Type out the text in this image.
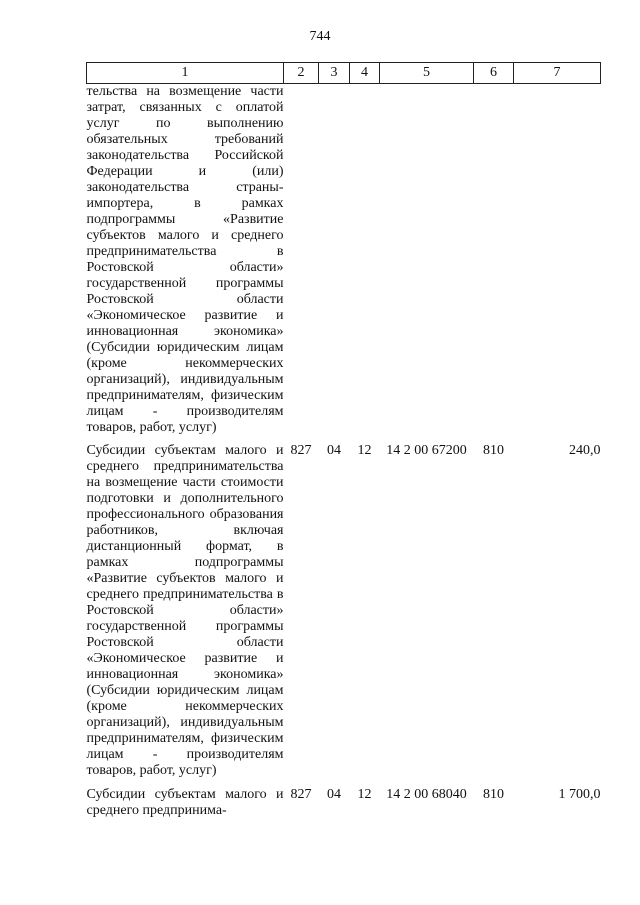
744
1	2	3	4	5	6	7
тельства на возмещение части затрат, связанных с оплатой услуг по выполнению обязательных требований законодательства Российской Федерации и (или) законодательства страны-импортера, в рамках подпрограммы «Развитие субъектов малого и среднего предпринимательства в Ростовской области» государственной программы Ростовской области «Экономическое развитие и инновационная экономика» (Субсидии юридическим лицам (кроме некоммерческих организаций), индивидуальным предпринимателям, физическим лицам - производителям товаров, работ, услуг)						
Субсидии субъектам малого и среднего предпринимательства на возмещение части стоимости подготовки и дополнительного профессионального образования работников, включая дистанционный формат, в рамках подпрограммы «Развитие субъектов малого и среднего предпринимательства в Ростовской области» государственной программы Ростовской области «Экономическое развитие и инновационная экономика» (Субсидии юридическим лицам (кроме некоммерческих организаций), индивидуальным предпринимателям, физическим лицам - производителям товаров, работ, услуг)	827	04	12	14 2 00 67200	810	240,0
Субсидии субъектам малого и среднего предпринима-	827	04	12	14 2 00 68040	810	1 700,0
